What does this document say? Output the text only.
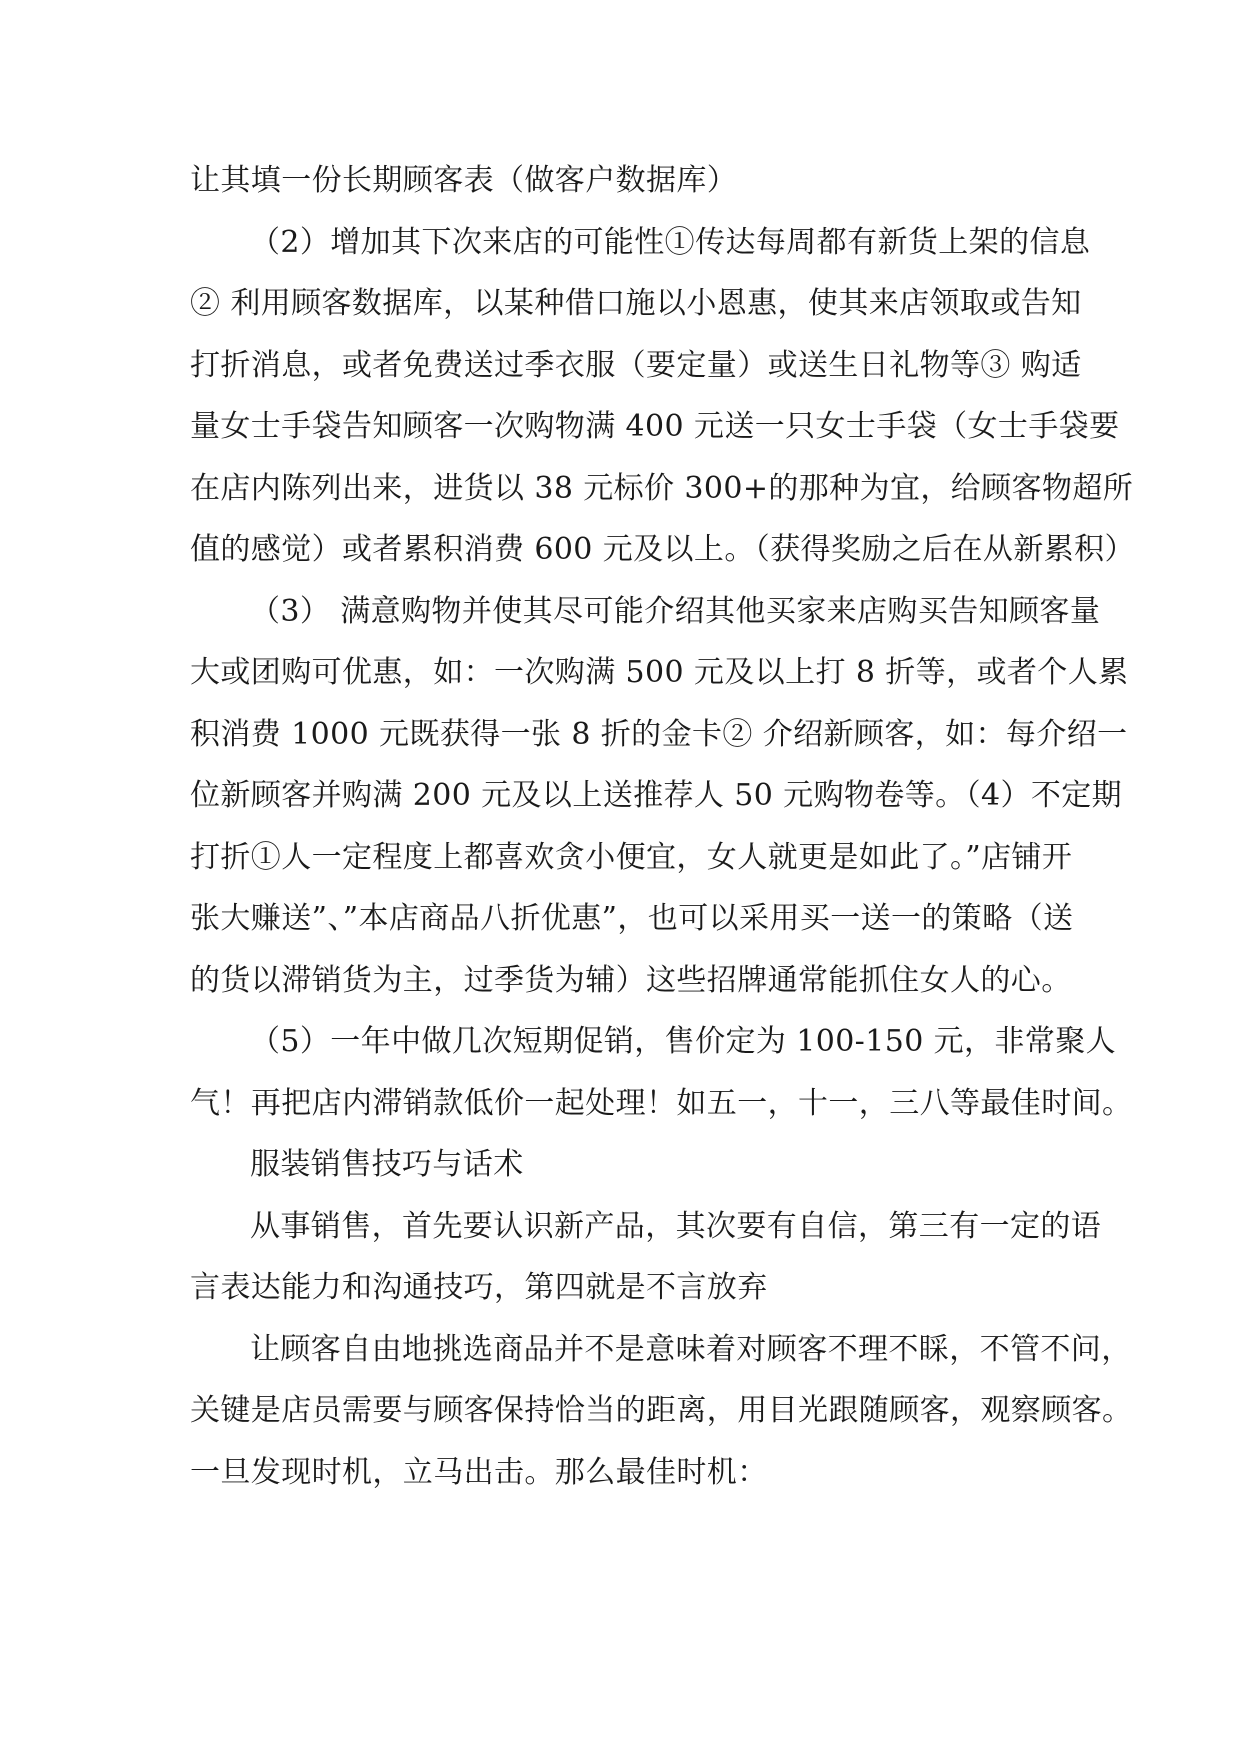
让其填一份长期顾客表（做客户数据库）
（2）增加其下次来店的可能性①传达每周都有新货上架的信息
② 利用顾客数据库，以某种借口施以小恩惠，使其来店领取或告知
打折消息，或者免费送过季衣服（要定量）或送生日礼物等③ 购适
量女士手袋告知顾客一次购物满 400 元送一只女士手袋（女士手袋要
在店内陈列出来，进货以 38 元标价 300+的那种为宜，给顾客物超所
值的感觉）或者累积消费 600 元及以上。（获得奖励之后在从新累积）
（3） 满意购物并使其尽可能介绍其他买家来店购买告知顾客量
大或团购可优惠，如：一次购满 500 元及以上打 8 折等，或者个人累
积消费 1000 元既获得一张 8 折的金卡② 介绍新顾客，如：每介绍一
位新顾客并购满 200 元及以上送推荐人 50 元购物卷等。（4）不定期
打折①人一定程度上都喜欢贪小便宜，女人就更是如此了。”店铺开
张大赚送”、”本店商品八折优惠”，也可以采用买一送一的策略（送
的货以滞销货为主，过季货为辅）这些招牌通常能抓住女人的心。
（5）一年中做几次短期促销，售价定为 100-150 元，非常聚人
气！再把店内滞销款低价一起处理！如五一，十一，三八等最佳时间。
服装销售技巧与话术
从事销售，首先要认识新产品，其次要有自信，第三有一定的语
言表达能力和沟通技巧，第四就是不言放弃
让顾客自由地挑选商品并不是意味着对顾客不理不睬，不管不问，
关键是店员需要与顾客保持恰当的距离，用目光跟随顾客，观察顾客。
一旦发现时机，立马出击。那么最佳时机：
